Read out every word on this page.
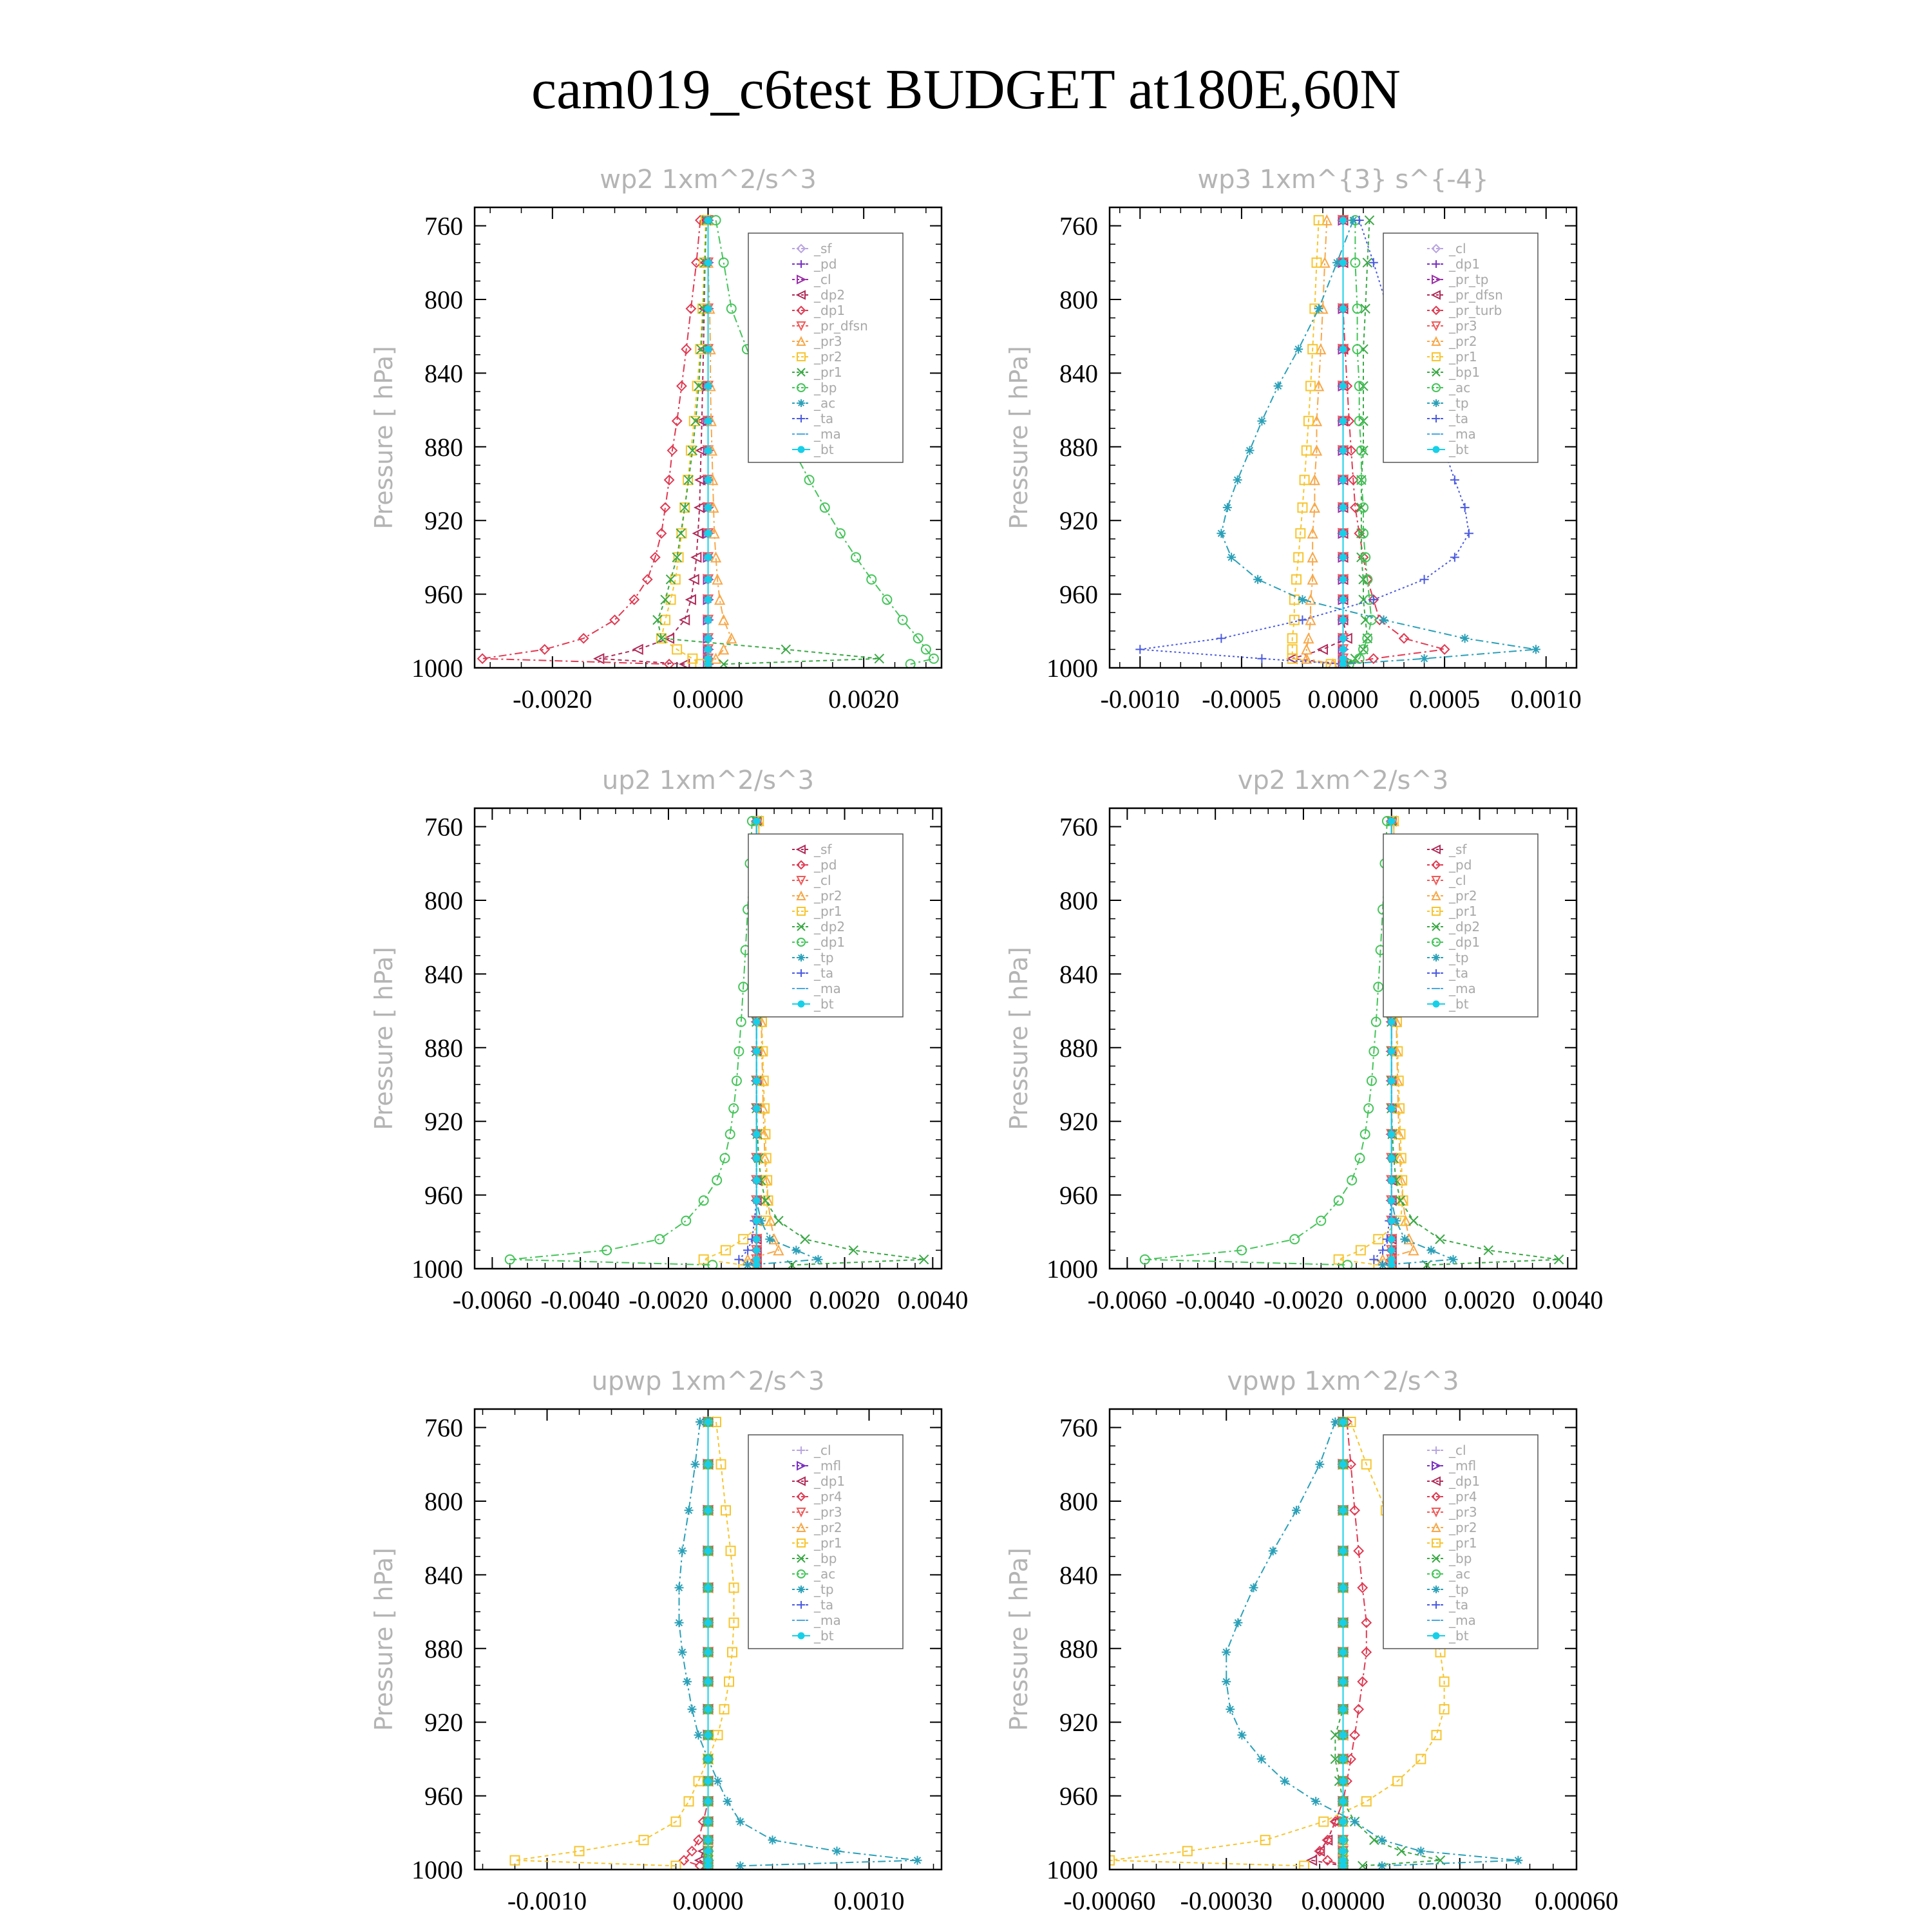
cam019_c6test BUDGET at180E,60N
wp2 1xm^2/s^3
Pressure [ hPa]
760
800
840
880
920
960
1000
-0.0020	0.0000	0.0020
_sf
_pd
_cl
_dp2
_dp1
_pr_dfsn
_pr3
_pr2
_pr1
_bp
_ac
_ta
_ma
_bt
wp3 1xm^{3} s^{-4}
Pressure [ hPa]
760
800
840
880
920
960
1000
-0.0010 -0.0005 0.0000 0.0005 0.0010
_cl
_dp1
_pr_tp
_pr_dfsn
_pr_turb
_pr3
_pr2
_pr1
_bp1
_ac
_tp
_ta
_ma
_bt
up2 1xm^2/s^3
Pressure [ hPa]
760
800
840
880
920
960
1000
-0.0060 -0.0040 -0.0020 0.0000 0.0020 0.0040
_sf
_pd
_cl
_pr2
_pr1
_dp2
_dp1
_tp
_ta
_ma
_bt
vp2 1xm^2/s^3
Pressure [ hPa]
760
800
840
880
920
960
1000
-0.0060 -0.0040 -0.0020 0.0000 0.0020 0.0040
_sf
_pd
_cl
_pr2
_pr1
_dp2
_dp1
_tp
_ta
_ma
_bt
upwp 1xm^2/s^3
Pressure [ hPa]
760
800
840
880
920
960
1000
-0.0010	0.0000	0.0010
_cl
_mfl
_dp1
_pr4
_pr3
_pr2
_pr1
_bp
_ac
_tp
_ta
_ma
_bt
vpwp 1xm^2/s^3
Pressure [ hPa]
760
800
840
880
920
960
1000
-0.00060 -0.00030 0.00000 0.00030 0.00060
_cl
_mfl
_dp1
_pr4
_pr3
_pr2
_pr1
_bp
_ac
_tp
_ta
_ma
_bt
